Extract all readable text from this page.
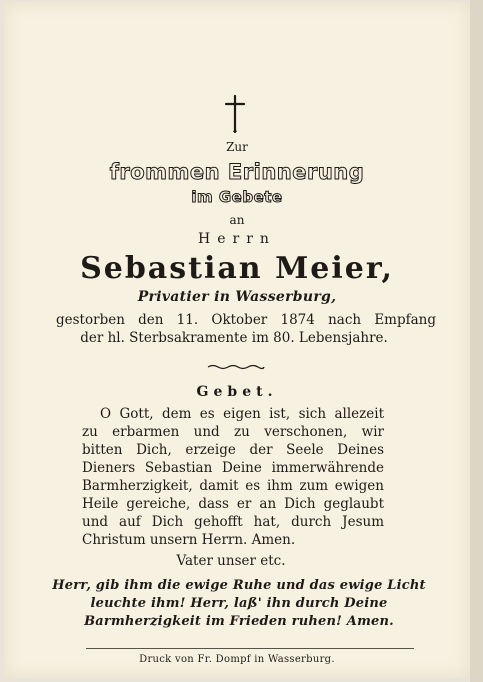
Zur
frommen Erinnerung
im Gebete
an
Herrn
Sebastian Meier,
Privatier in Wasserburg,
gestorben den 11. Oktober 1874 nach Empfang
der hl. Sterbsakramente im 80. Lebensjahre.
Gebet.
O Gott, dem es eigen ist, sich allezeit
zu erbarmen und zu verschonen, wir
bitten Dich, erzeige der Seele Deines
Dieners Sebastian Deine immerwährende
Barmherzigkeit, damit es ihm zum ewigen
Heile gereiche, dass er an Dich geglaubt
und auf Dich gehofft hat, durch Jesum
Christum unsern Herrn. Amen.
Vater unser etc.
Herr, gib ihm die ewige Ruhe und das ewige Licht leuchte ihm! Herr, laß' ihn durch Deine Barmherzigkeit im Frieden ruhen! Amen.
Druck von Fr. Dompf in Wasserburg.
